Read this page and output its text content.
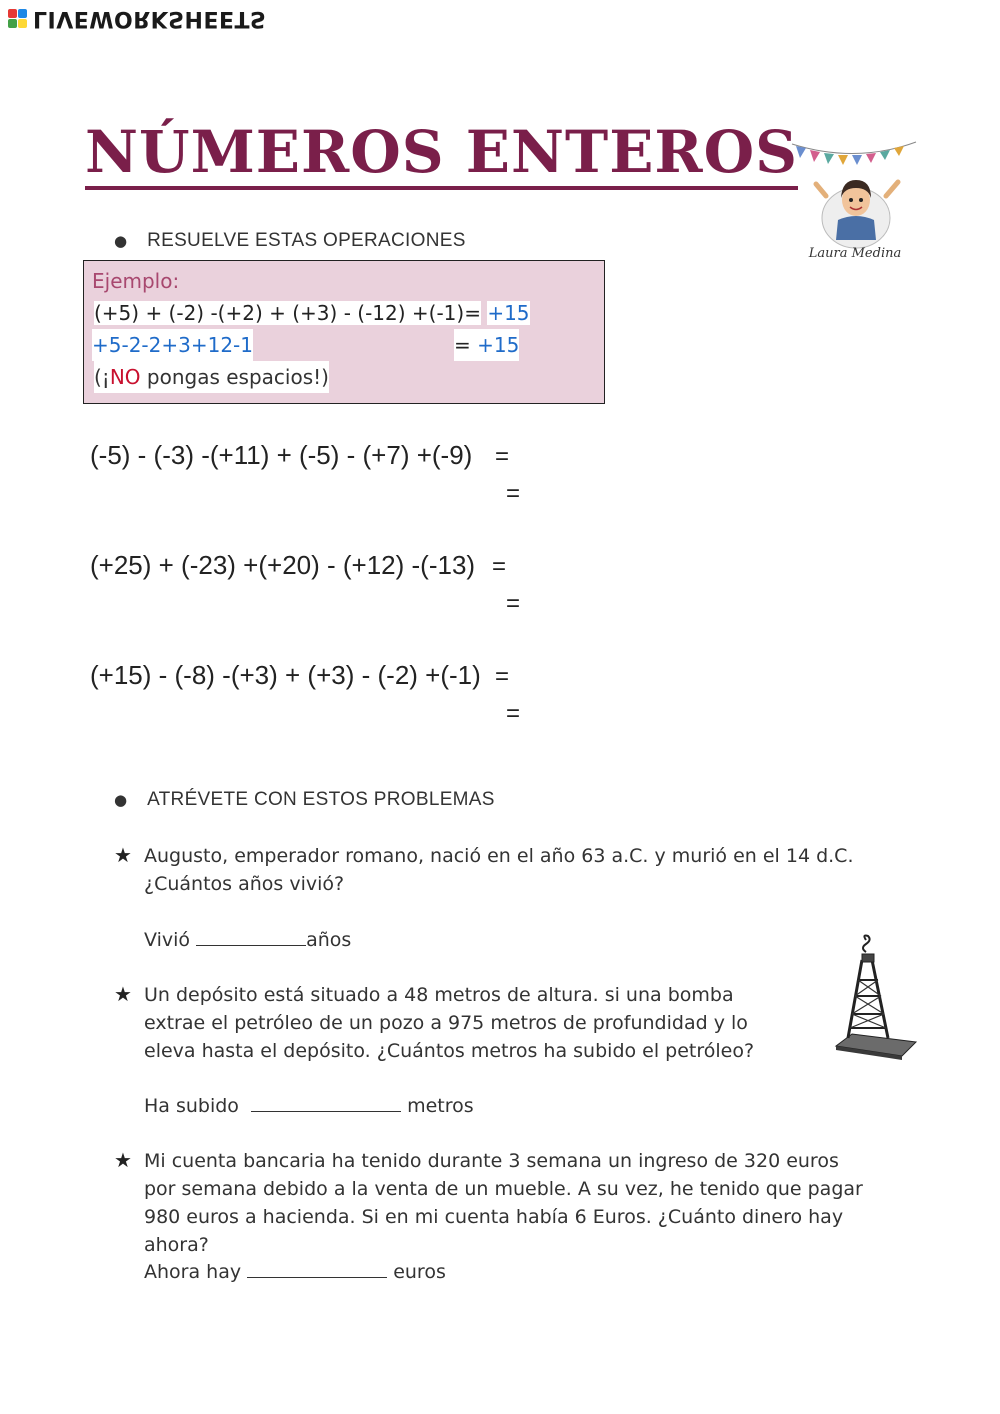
LIVEWORKSHEETS
NÚMEROS ENTEROS
Laura Medina
● RESUELVE ESTAS OPERACIONES
Ejemplo:
(+5) + (-2) -(+2) + (+3) - (-12) +(-1)= +15
+5-2-2+3+12-1	= +15
(¡NO pongas espacios!)
(-5) - (-3) -(+11) + (-5) - (+7) +(-9) =
=
(+25) + (-23) +(+20) - (+12) -(-13) =
=
(+15) - (-8) -(+3) + (+3) - (-2) +(-1) =
=
● ATRÉVETE CON ESTOS PROBLEMAS
★ Augusto, emperador romano, nació en el año 63 a.C. y murió en el 14 d.C.
¿Cuántos años vivió?
Vivió	años
★ Un depósito está situado a 48 metros de altura. si una bomba
extrae el petróleo de un pozo a 975 metros de profundidad y lo
eleva hasta el depósito. ¿Cuántos metros ha subido el petróleo?
Ha subido	metros
★ Mi cuenta bancaria ha tenido durante 3 semana un ingreso de 320 euros
por semana debido a la venta de un mueble. A su vez, he tenido que pagar
980 euros a hacienda. Si en mi cuenta había 6 Euros. ¿Cuánto dinero hay
ahora?
Ahora hay	euros
